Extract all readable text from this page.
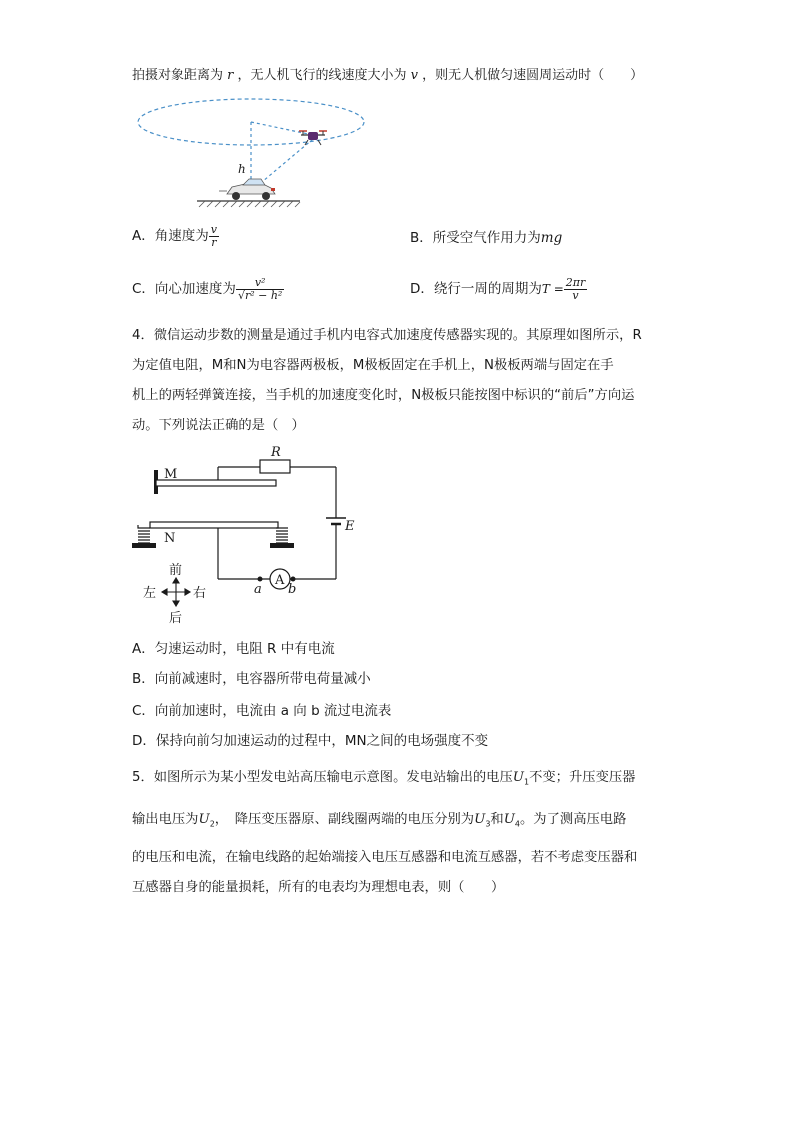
拍摄对象距离为 r ，无人机飞行的线速度大小为 v ，则无人机做匀速圆周运动时（　　）
h
A．角速度为 $\frac{v}{r}$	B．所受空气作用力为mg
C．向心加速度为 $\frac{\text{v²}}{\text{√r² − h²}}$	D．绕行一周的周期为$T = \frac{2\pi r}{v}$
4．微信运动步数的测量是通过手机内电容式加速度传感器实现的。其原理如图所示，R
为定值电阻，M和N为电容器两极板，M极板固定在手机上，N极板两端与固定在手
机上的两轻弹簧连接，当手机的加速度变化时，N极板只能按图中标识的“前后”方向运
动。下列说法正确的是（　）
M
R
E
N
a
A
b
前
后
左	右
A．匀速运动时，电阻 R 中有电流
B．向前减速时，电容器所带电荷量减小
C．向前加速时，电流由 a 向 b 流过电流表
D．保持向前匀加速运动的过程中，MN之间的电场强度不变
5．如图所示为某小型发电站高压输电示意图。发电站输出的电压$U_1$不变；升压变压器
输出电压为$U_2$，　降压变压器原、副线圈两端的电压分别为$U_3$和$U_4$。为了测高压电路
的电压和电流，在输电线路的起始端接入电压互感器和电流互感器，若不考虑变压器和
互感器自身的能量损耗，所有的电表均为理想电表，则（　　）
